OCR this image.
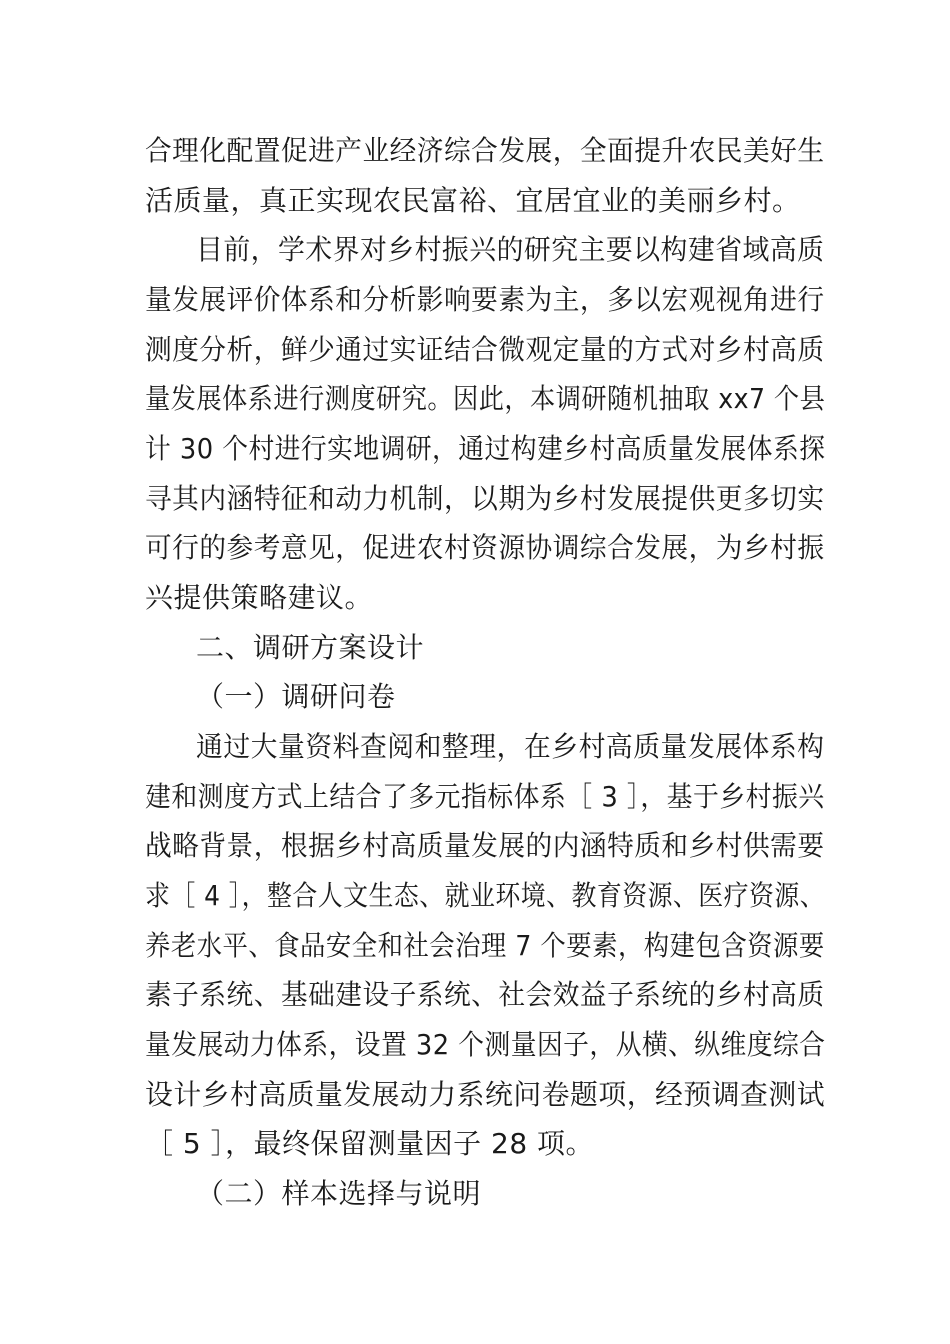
合理化配置促进产业经济综合发展，全面提升农民美好生
活质量，真正实现农民富裕、宜居宜业的美丽乡村。
目前，学术界对乡村振兴的研究主要以构建省域高质
量发展评价体系和分析影响要素为主，多以宏观视角进行
测度分析，鲜少通过实证结合微观定量的方式对乡村高质
量发展体系进行测度研究。因此，本调研随机抽取 xx7 个县
计 30 个村进行实地调研，通过构建乡村高质量发展体系探
寻其内涵特征和动力机制，以期为乡村发展提供更多切实
可行的参考意见，促进农村资源协调综合发展，为乡村振
兴提供策略建议。
二、调研方案设计
（一）调研问卷
通过大量资料查阅和整理，在乡村高质量发展体系构
建和测度方式上结合了多元指标体系［ 3 ］，基于乡村振兴
战略背景，根据乡村高质量发展的内涵特质和乡村供需要
求［ 4 ］，整合人文生态、就业环境、教育资源、医疗资源、
养老水平、食品安全和社会治理 7 个要素，构建包含资源要
素子系统、基础建设子系统、社会效益子系统的乡村高质
量发展动力体系，设置 32 个测量因子，从横、纵维度综合
设计乡村高质量发展动力系统问卷题项，经预调查测试
［ 5 ］，最终保留测量因子 28 项。
（二）样本选择与说明
